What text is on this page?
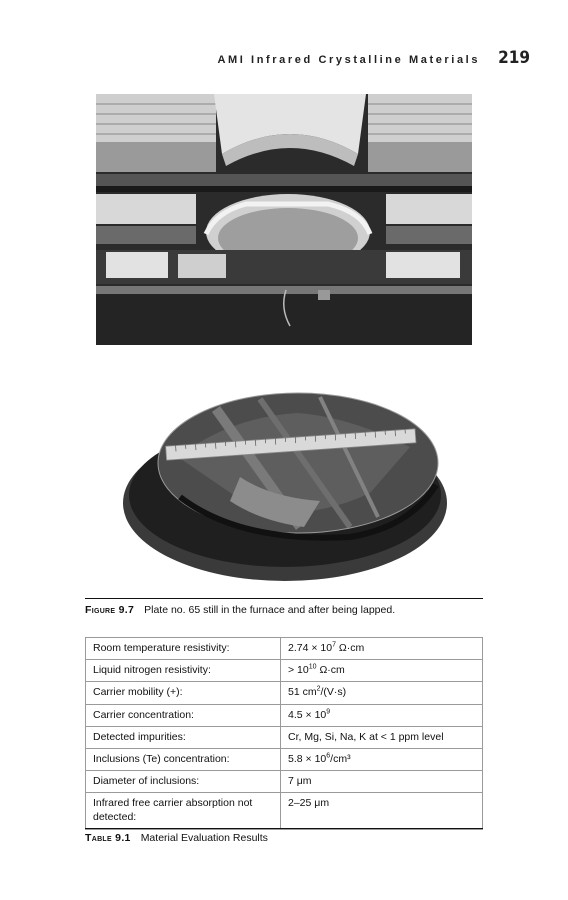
AMI Infrared Crystalline Materials 219
Figure 9.7 Plate no. 65 still in the furnace and after being lapped.
Room temperature resistivity:	$2.74 \times 10^7$ Ω·cm
Liquid nitrogen resistivity:	> $10^{10}$ Ω·cm
Carrier mobility (+):	51 $cm^2/(V\cdot s)$
Carrier concentration:	$4.5 \times 10^9$
Detected impurities:	Cr, Mg, Si, Na, K at < 1 ppm level
Inclusions (Te) concentration:	$5.8 \times 10^6$/cm³
Diameter of inclusions:	7 μm
Infrared free carrier absorption not detected:	2–25 μm
Table 9.1 Material Evaluation Results
